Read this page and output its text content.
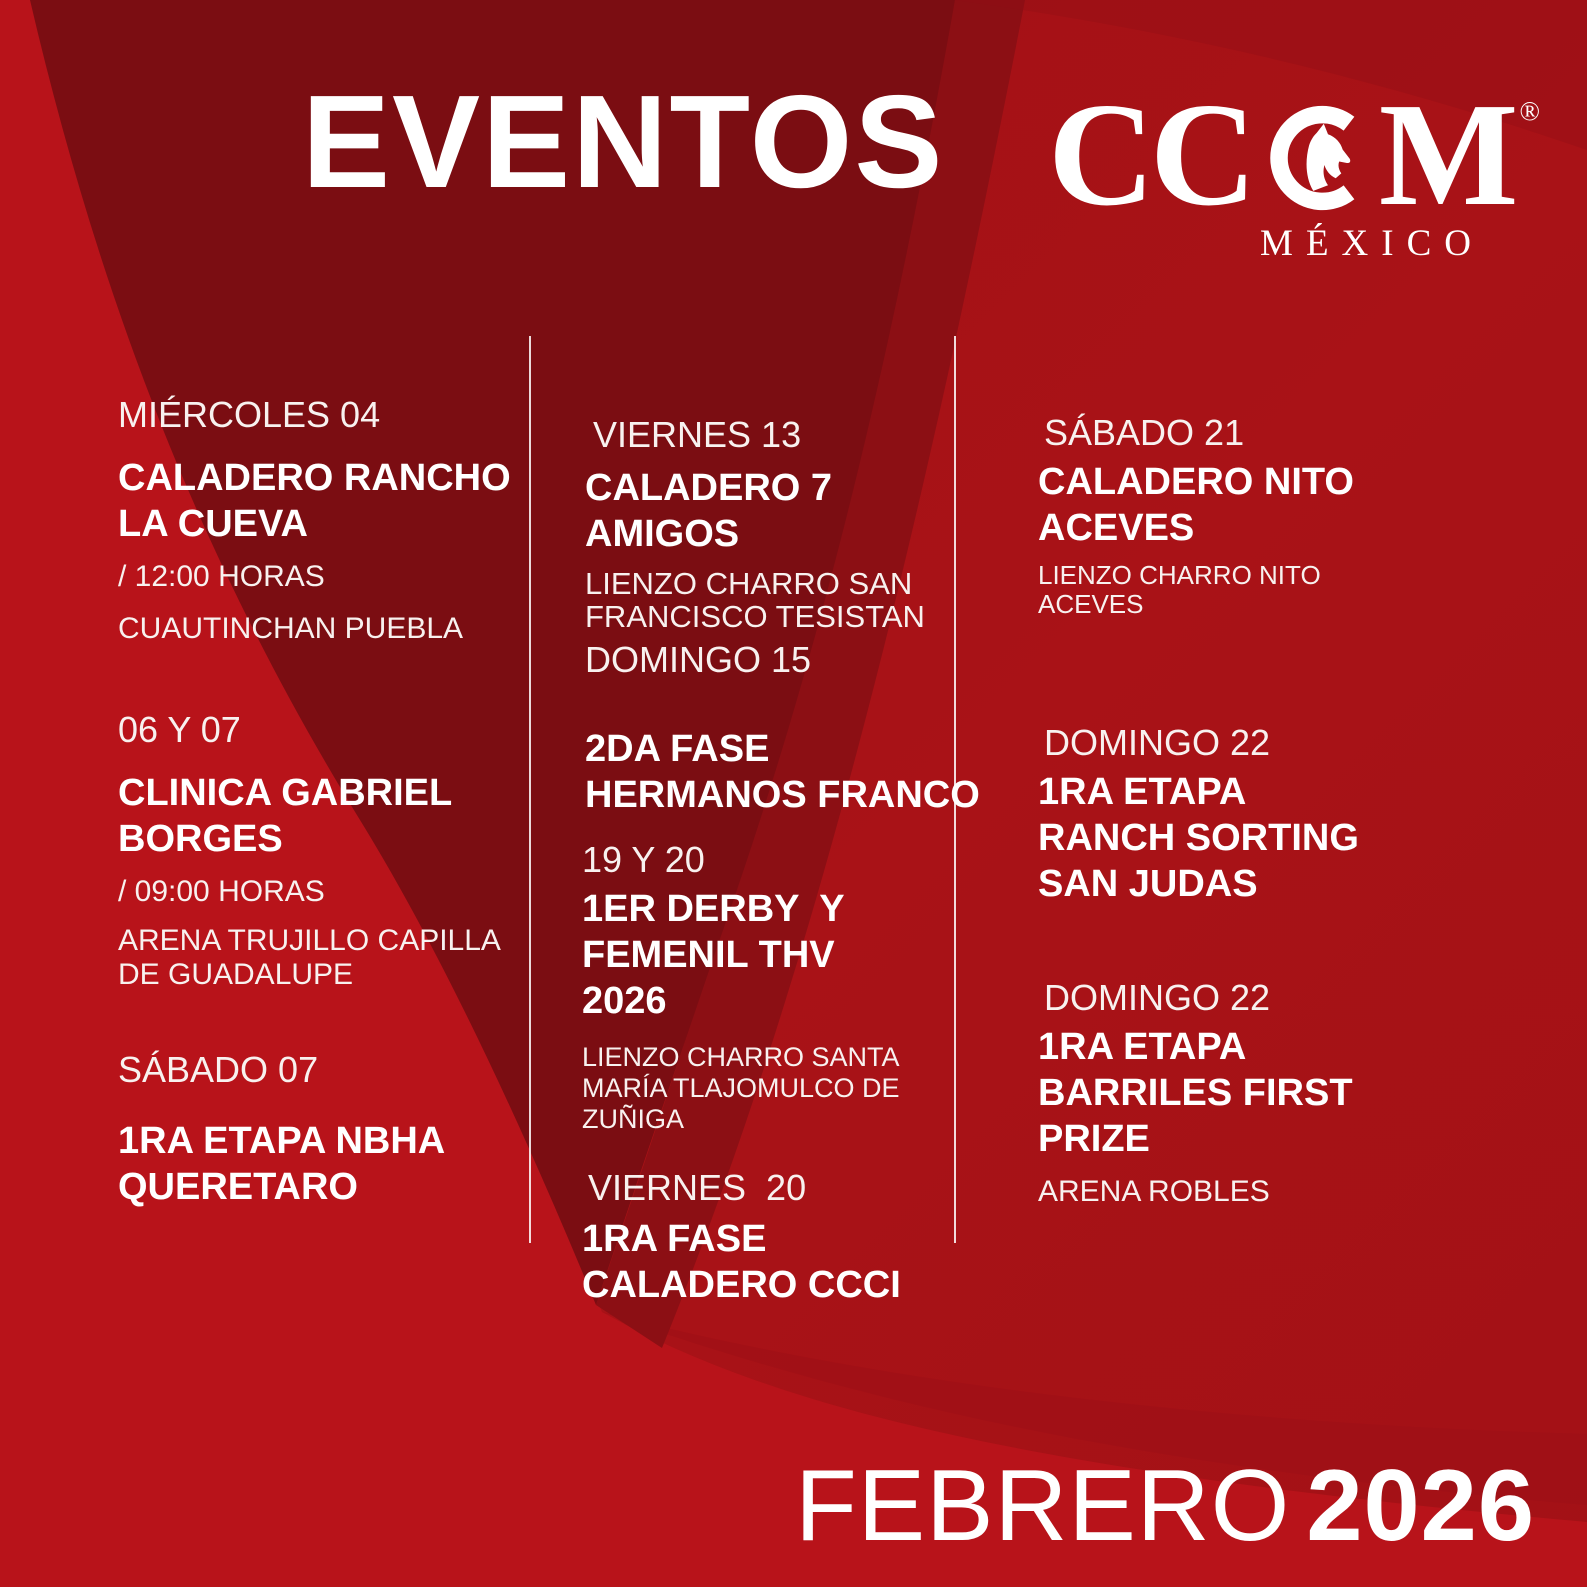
EVENTOS CC M ®
MÉXICO
MIÉRCOLES 04
CALADERO RANCHO
LA CUEVA
/ 12:00 HORAS
CUAUTINCHAN PUEBLA
06 Y 07
CLINICA GABRIEL
BORGES
/ 09:00 HORAS
ARENA TRUJILLO CAPILLA
DE GUADALUPE
SÁBADO 07
1RA ETAPA NBHA
QUERETARO
VIERNES 13
CALADERO 7
AMIGOS
LIENZO CHARRO SAN
FRANCISCO TESISTAN
DOMINGO 15
2DA FASE
HERMANOS FRANCO
19 Y 20
1ER DERBY  Y
FEMENIL THV
2026
LIENZO CHARRO SANTA
MARÍA TLAJOMULCO DE
ZUÑIGA
VIERNES  20
1RA FASE
CALADERO CCCI
SÁBADO 21
CALADERO NITO
ACEVES
LIENZO CHARRO NITO
ACEVES
DOMINGO 22
1RA ETAPA
RANCH SORTING
SAN JUDAS
DOMINGO 22
1RA ETAPA
BARRILES FIRST
PRIZE
ARENA ROBLES
FEBRERO 2026
